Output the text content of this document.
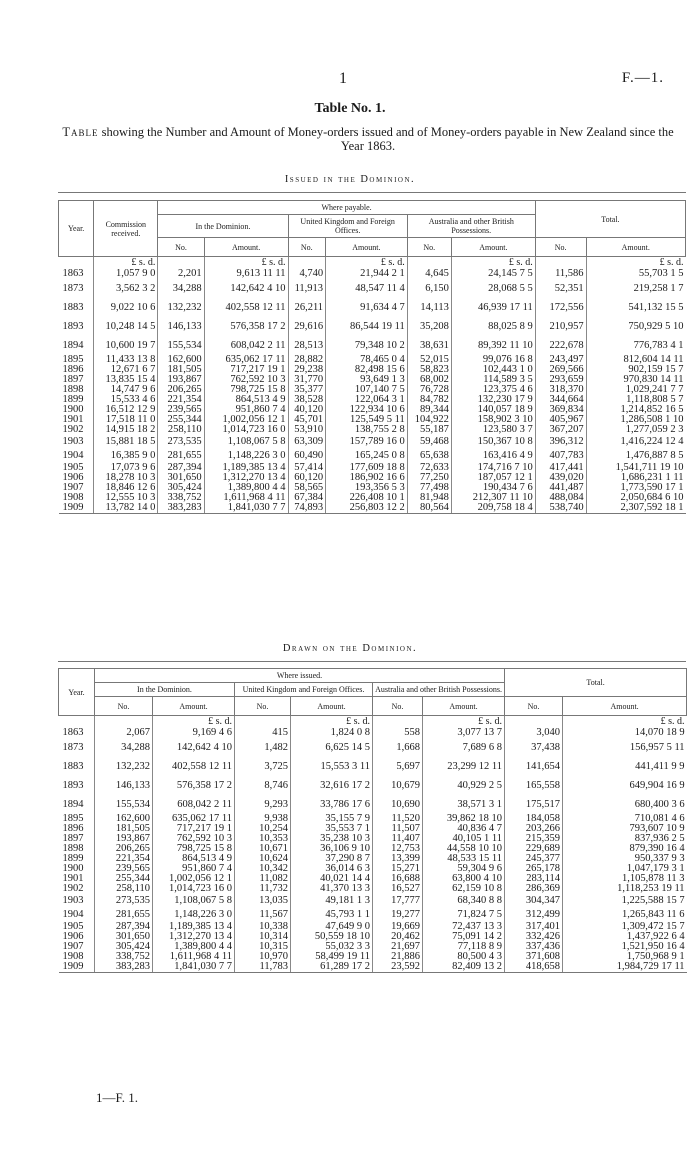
1	F.—1.
Table No. 1.
Table showing the Number and Amount of Money-orders issued and of Money-orders payable in New Zealand since the Year 1863.
Issued in the Dominion.
Year.	Commission received.	Where payable.						Total.	
		In the Dominion.		United Kingdom and Foreign Offices.		Australia and other British Possessions.			
		No.	Amount.	No.	Amount.	No.	Amount.	No.	Amount.
	£ s. d.		£ s. d.		£ s. d.		£ s. d.		£ s. d.
1863	1,057 9 0	2,201	9,613 11 11	4,740	21,944 2 1	4,645	24,145 7 5	11,586	55,703 1 5
1873	3,562 3 2	34,288	142,642 4 10	11,913	48,547 11 4	6,150	28,068 5 5	52,351	219,258 1 7
1883	9,022 10 6	132,232	402,558 12 11	26,211	91,634 4 7	14,113	46,939 17 11	172,556	541,132 15 5
1893	10,248 14 5	146,133	576,358 17 2	29,616	86,544 19 11	35,208	88,025 8 9	210,957	750,929 5 10
1894	10,600 19 7	155,534	608,042 2 11	28,513	79,348 10 2	38,631	89,392 11 10	222,678	776,783 4 1
1895	11,433 13 8	162,600	635,062 17 11	28,882	78,465 0 4	52,015	99,076 16 8	243,497	812,604 14 11
1896	12,671 6 7	181,505	717,217 19 1	29,238	82,498 15 6	58,823	102,443 1 0	269,566	902,159 15 7
1897	13,835 15 4	193,867	762,592 10 3	31,770	93,649 1 3	68,002	114,589 3 5	293,659	970,830 14 11
1898	14,747 9 6	206,265	798,725 15 8	35,377	107,140 7 5	76,728	123,375 4 6	318,370	1,029,241 7 7
1899	15,533 4 6	221,354	864,513 4 9	38,528	122,064 3 1	84,782	132,230 17 9	344,664	1,118,808 5 7
1900	16,512 12 9	239,565	951,860 7 4	40,120	122,934 10 6	89,344	140,057 18 9	369,834	1,214,852 16 5
1901	17,518 11 0	255,344	1,002,056 12 1	45,701	125,549 5 11	104,922	158,902 3 10	405,967	1,286,508 1 10
1902	14,915 18 2	258,110	1,014,723 16 0	53,910	138,755 2 8	55,187	123,580 3 7	367,207	1,277,059 2 3
1903	15,881 18 5	273,535	1,108,067 5 8	63,309	157,789 16 0	59,468	150,367 10 8	396,312	1,416,224 12 4
1904	16,385 9 0	281,655	1,148,226 3 0	60,490	165,245 0 8	65,638	163,416 4 9	407,783	1,476,887 8 5
1905	17,073 9 6	287,394	1,189,385 13 4	57,414	177,609 18 8	72,633	174,716 7 10	417,441	1,541,711 19 10
1906	18,278 10 3	301,650	1,312,270 13 4	60,120	186,902 16 6	77,250	187,057 12 1	439,020	1,686,231 1 11
1907	18,846 12 6	305,424	1,389,800 4 4	58,565	193,356 5 3	77,498	190,434 7 6	441,487	1,773,590 17 1
1908	12,555 10 3	338,752	1,611,968 4 11	67,384	226,408 10 1	81,948	212,307 11 10	488,084	2,050,684 6 10
1909	13,782 14 0	383,283	1,841,030 7 7	74,893	256,803 12 2	80,564	209,758 18 4	538,740	2,307,592 18 1
Drawn on the Dominion.
Year.	Where issued.						Total.	
	In the Dominion.		United Kingdom and Foreign Offices.		Australia and other British Possessions.			
	No.	Amount.	No.	Amount.	No.	Amount.	No.	Amount.
		£ s. d.		£ s. d.		£ s. d.		£ s. d.
1863	2,067	9,169 4 6	415	1,824 0 8	558	3,077 13 7	3,040	14,070 18 9
1873	34,288	142,642 4 10	1,482	6,625 14 5	1,668	7,689 6 8	37,438	156,957 5 11
1883	132,232	402,558 12 11	3,725	15,553 3 11	5,697	23,299 12 11	141,654	441,411 9 9
1893	146,133	576,358 17 2	8,746	32,616 17 2	10,679	40,929 2 5	165,558	649,904 16 9
1894	155,534	608,042 2 11	9,293	33,786 17 6	10,690	38,571 3 1	175,517	680,400 3 6
1895	162,600	635,062 17 11	9,938	35,155 7 9	11,520	39,862 18 10	184,058	710,081 4 6
1896	181,505	717,217 19 1	10,254	35,553 7 1	11,507	40,836 4 7	203,266	793,607 10 9
1897	193,867	762,592 10 3	10,353	35,238 10 3	11,407	40,105 1 11	215,359	837,936 2 5
1898	206,265	798,725 15 8	10,671	36,106 9 10	12,753	44,558 10 10	229,689	879,390 16 4
1899	221,354	864,513 4 9	10,624	37,290 8 7	13,399	48,533 15 11	245,377	950,337 9 3
1900	239,565	951,860 7 4	10,342	36,014 6 3	15,271	59,304 9 6	265,178	1,047,179 3 1
1901	255,344	1,002,056 12 1	11,082	40,021 14 4	16,688	63,800 4 10	283,114	1,105,878 11 3
1902	258,110	1,014,723 16 0	11,732	41,370 13 3	16,527	62,159 10 8	286,369	1,118,253 19 11
1903	273,535	1,108,067 5 8	13,035	49,181 1 3	17,777	68,340 8 8	304,347	1,225,588 15 7
1904	281,655	1,148,226 3 0	11,567	45,793 1 1	19,277	71,824 7 5	312,499	1,265,843 11 6
1905	287,394	1,189,385 13 4	10,338	47,649 9 0	19,669	72,437 13 3	317,401	1,309,472 15 7
1906	301,650	1,312,270 13 4	10,314	50,559 18 10	20,462	75,091 14 2	332,426	1,437,922 6 4
1907	305,424	1,389,800 4 4	10,315	55,032 3 3	21,697	77,118 8 9	337,436	1,521,950 16 4
1908	338,752	1,611,968 4 11	10,970	58,499 19 11	21,886	80,500 4 3	371,608	1,750,968 9 1
1909	383,283	1,841,030 7 7	11,783	61,289 17 2	23,592	82,409 13 2	418,658	1,984,729 17 11
1—F. 1.
